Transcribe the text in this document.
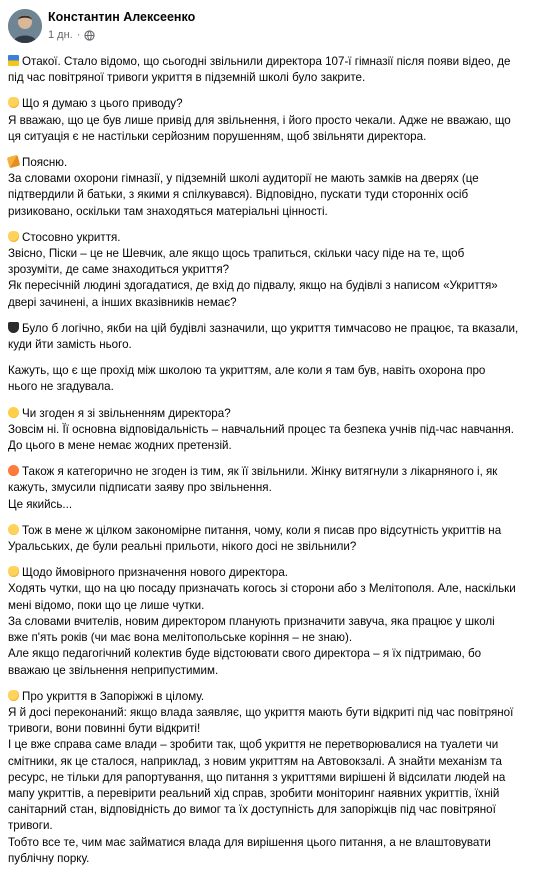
Константин Алексеенко
1 дн. ·
Отакої. Стало відомо, що сьогодні звільнили директора 107-ї гімназії після появи відео, де
під час повітряної тривоги укриття в підземній школі було закрите.
Що я думаю з цього приводу?
Я вважаю, що це був лише привід для звільнення, і його просто чекали. Адже не вважаю, що
ця ситуація є не настільки серйозним порушенням, щоб звільняти директора.
Поясню.
За словами охорони гімназії, у підземній школі аудиторії не мають замків на дверях (це
підтвердили й батьки, з якими я спілкувався). Відповідно, пускати туди сторонніх осіб
ризиковано, оскільки там знаходяться матеріальні цінності.
Стосовно укриття.
Звісно, Піски – це не Шевчик, але якщо щось трапиться, скільки часу піде на те, щоб
зрозуміти, де саме знаходиться укриття?
Як пересічній людині здогадатися, де вхід до підвалу, якщо на будівлі з написом «Укриття»
двері зачинені, а інших вказівників немає?
Було б логічно, якби на цій будівлі зазначили, що укриття тимчасово не працює, та вказали,
куди йти замість нього.
Кажуть, що є ще прохід між школою та укриттям, але коли я там був, навіть охорона про
нього не згадувала.
Чи згоден я зі звільненням директора?
Зовсім ні. Її основна відповідальність – навчальний процес та безпека учнів під-час навчання.
До цього в мене немає жодних претензій.
Також я категорично не згоден із тим, як її звільнили. Жінку витягнули з лікарняного і, як
кажуть, змусили підписати заяву про звільнення.
Це якийсь...
Тож в мене ж цілком закономірне питання, чому, коли я писав про відсутність укриттів на
Уральських, де були реальні прильоти, нікого досі не звільнили?
Щодо ймовірного призначення нового директора.
Ходять чутки, що на цю посаду призначать когось зі сторони або з Мелітополя. Але, наскільки
мені відомо, поки що це лише чутки.
За словами вчителів, новим директором планують призначити завуча, яка працює у школі
вже п'ять років (чи має вона мелітопольське коріння – не знаю).
Але якщо педагогічний колектив буде відстоювати свого директора – я їх підтримаю, бо
вважаю це звільнення неприпустимим.
Про укриття в Запоріжжі в цілому.
Я й досі переконаний: якщо влада заявляє, що укриття мають бути відкриті під час повітряної
тривоги, вони повинні бути відкриті!
І це вже справа саме влади – зробити так, щоб укриття не перетворювалися на туалети чи
смітники, як це сталося, наприклад, з новим укриттям на Автовокзалі. А знайти механізм та
ресурс, не тільки для рапортування, що питання з укриттями вирішені й відсилати людей на
мапу укриттів, а перевірити реальний хід справ, зробити моніторинг наявних укриттів, їхній
санітарний стан, відповідність до вимог та їх доступність для запоріжців під час повітряної
тривоги.
Тобто все те, чим має займатися влада для вирішення цього питання, а не влаштовувати
публічну порку.
